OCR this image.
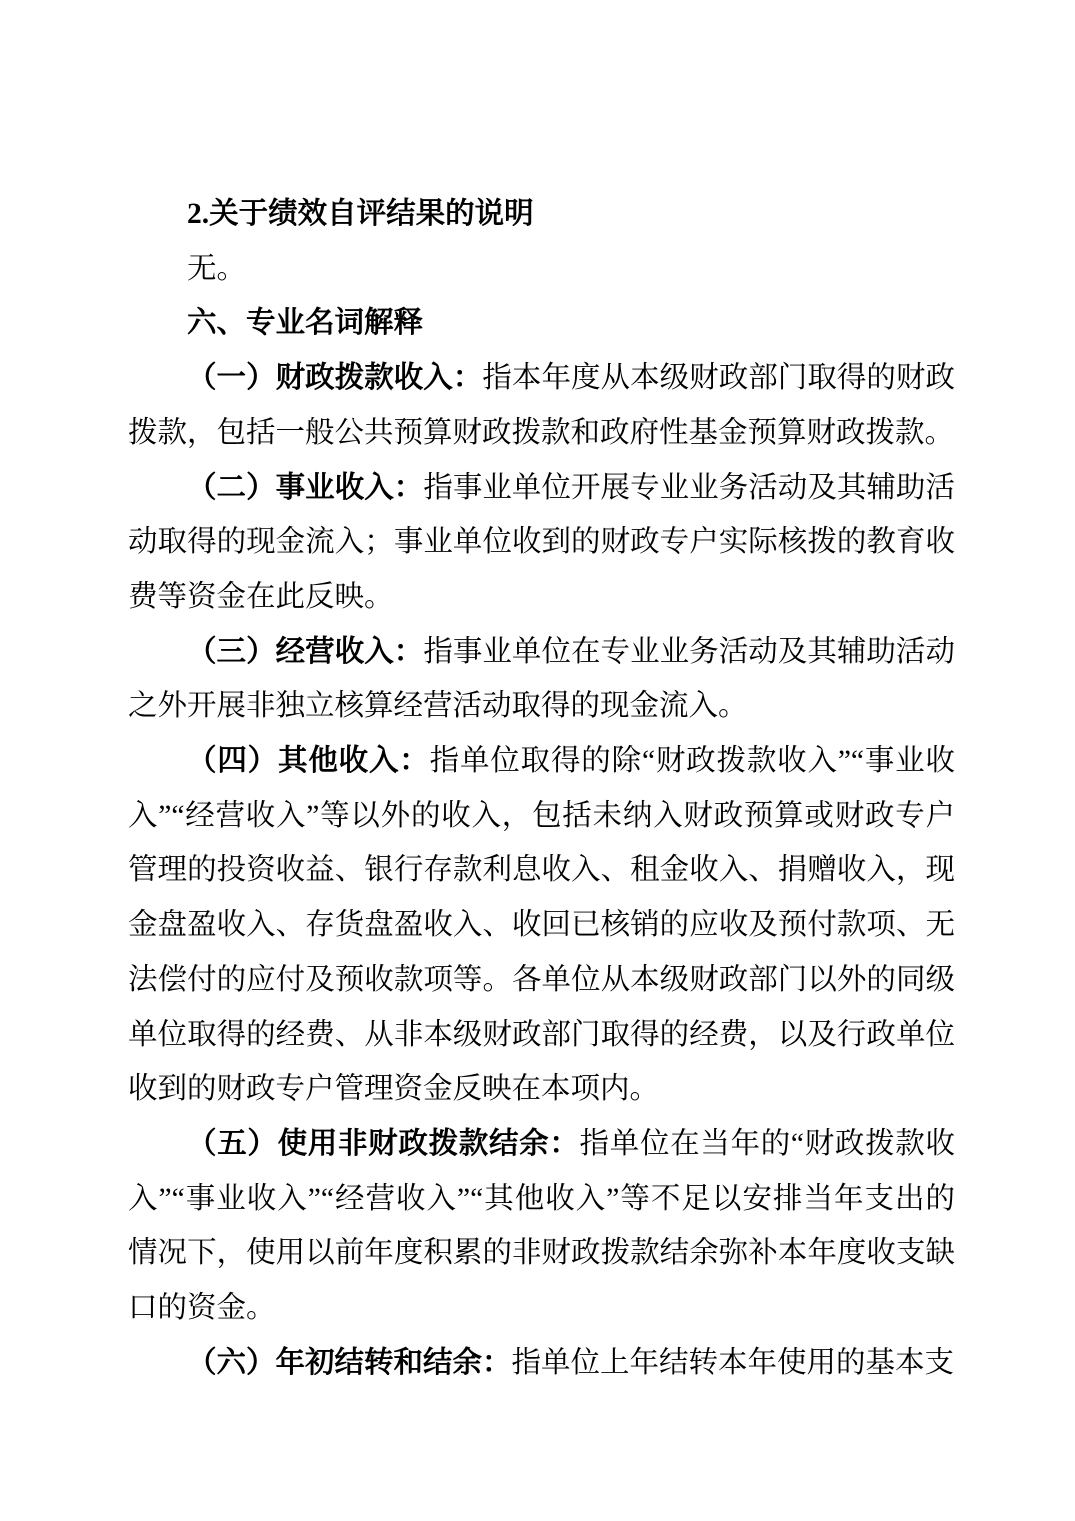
2.关于绩效自评结果的说明

无。

六、专业名词解释

（一）财政拨款收入：指本年度从本级财政部门取得的财政拨款，包括一般公共预算财政拨款和政府性基金预算财政拨款。

（二）事业收入：指事业单位开展专业业务活动及其辅助活动取得的现金流入；事业单位收到的财政专户实际核拨的教育收费等资金在此反映。

（三）经营收入：指事业单位在专业业务活动及其辅助活动之外开展非独立核算经营活动取得的现金流入。

（四）其他收入：指单位取得的除“财政拨款收入”“事业收入”“经营收入”等以外的收入，包括未纳入财政预算或财政专户管理的投资收益、银行存款利息收入、租金收入、捐赠收入，现金盘盈收入、存货盘盈收入、收回已核销的应收及预付款项、无法偿付的应付及预收款项等。各单位从本级财政部门以外的同级单位取得的经费、从非本级财政部门取得的经费，以及行政单位收到的财政专户管理资金反映在本项内。

（五）使用非财政拨款结余：指单位在当年的“财政拨款收入”“事业收入”“经营收入”“其他收入”等不足以安排当年支出的情况下，使用以前年度积累的非财政拨款结余弥补本年度收支缺口的资金。

（六）年初结转和结余：指单位上年结转本年使用的基本支
